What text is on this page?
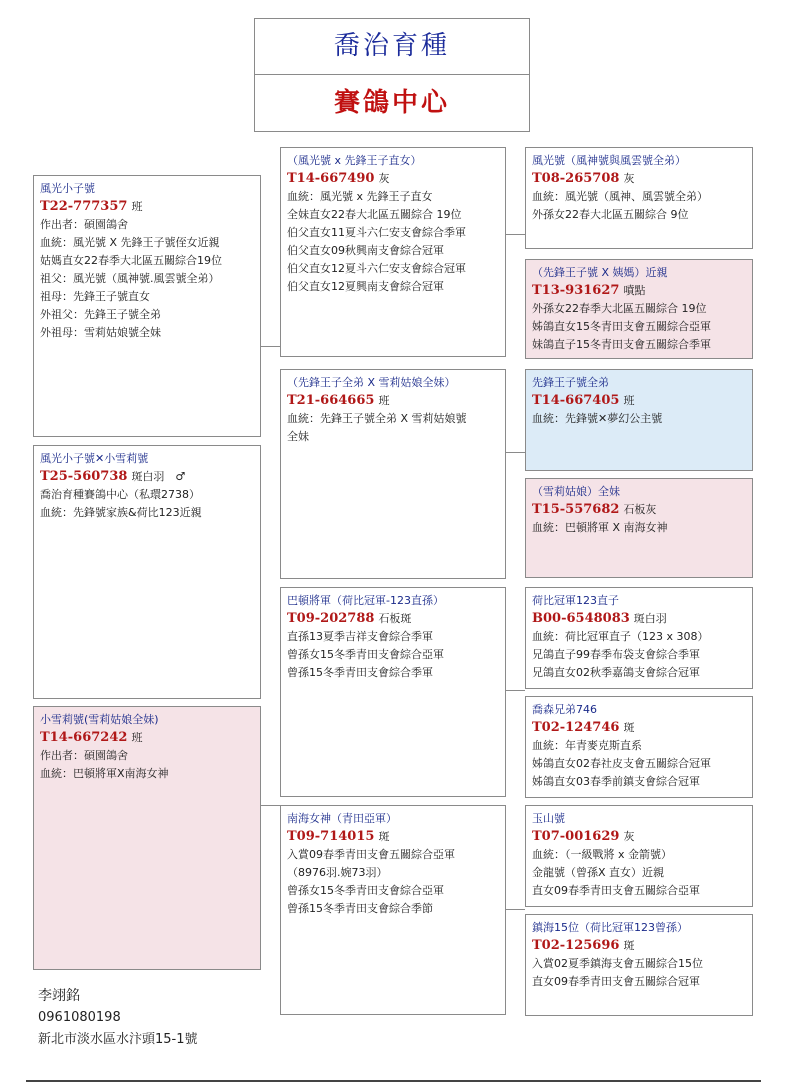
喬治育種
賽鴿中心
風光小子號
T22-777357 班
作出者：碩園鴿舍
血統：風光號 X 先鋒王子號侄女近親
姑媽直女22春季大北區五關綜合19位
祖父：風光號（風神號.風雲號全弟）
祖母：先鋒王子號直女
外祖父：先鋒王子號全弟
外祖母：雪莉姑娘號全妹
風光小子號✕小雪莉號
T25-560738 斑白羽　♂
喬治育種賽鴿中心（私環2738）
血統：先鋒號家族&荷比123近親
小雪莉號(雪莉姑娘全妹)
T14-667242 班
作出者：碩園鴿舍
血統：巴頓將軍X南海女神
（風光號 x 先鋒王子直女）
T14-667490 灰
血統：風光號 x 先鋒王子直女
全妹直女22春大北區五關綜合 19位
伯父直女11夏斗六仁安支會綜合季軍
伯父直女09秋興南支會綜合冠軍
伯父直女12夏斗六仁安支會綜合冠軍
伯父直女12夏興南支會綜合冠軍
（先鋒王子全弟 X 雪莉姑娘全妹）
T21-664665 班
血統：先鋒王子號全弟 X 雪莉姑娘號
全妹
巴頓將軍（荷比冠軍-123直孫）
T09-202788 石板斑
直孫13夏季吉祥支會綜合季軍
曾孫女15冬季青田支會綜合亞軍
曾孫15冬季青田支會綜合季軍
南海女神（青田亞軍）
T09-714015 斑
入賞09春季青田支會五關綜合亞軍
（8976羽.婉73羽）
曾孫女15冬季青田支會綜合亞軍
曾孫15冬季青田支會綜合季節
風光號（風神號與風雲號全弟）
T08-265708 灰
血統：風光號（風神、風雲號全弟）
外孫女22春大北區五關綜合 9位
（先鋒王子號 X 姨媽）近親
T13-931627 噴點
外孫女22春季大北區五關綜合 19位
姊鴿直女15冬青田支會五關綜合亞軍
妹鴿直子15冬青田支會五關綜合季軍
先鋒王子號全弟
T14-667405 班
血統：先鋒號✕夢幻公主號
（雪莉姑娘）全妹
T15-557682 石板灰
血統：巴頓將軍 X 南海女神
荷比冠軍123直子
B00-6548083 斑白羽
血統：荷比冠軍直子（123 x 308）
兄鴿直子99春季布袋支會綜合季軍
兄鴿直女02秋季嘉鴿支會綜合冠軍
喬森兄弟746
T02-124746 斑
血統：年青麥克斯直系
姊鴿直女02春社皮支會五關綜合冠軍
姊鴿直女03春季前鎮支會綜合冠軍
玉山號
T07-001629 灰
血統：（一級戰將 x 金箭號）
金龍號（曾孫X 直女）近親
直女09春季青田支會五關綜合亞軍
鎮海15位（荷比冠軍123曾孫）
T02-125696 斑
入賞02夏季鎮海支會五關綜合15位
直女09春季青田支會五關綜合冠軍
李翊銘
0961080198
新北市淡水區水汴頭15-1號
